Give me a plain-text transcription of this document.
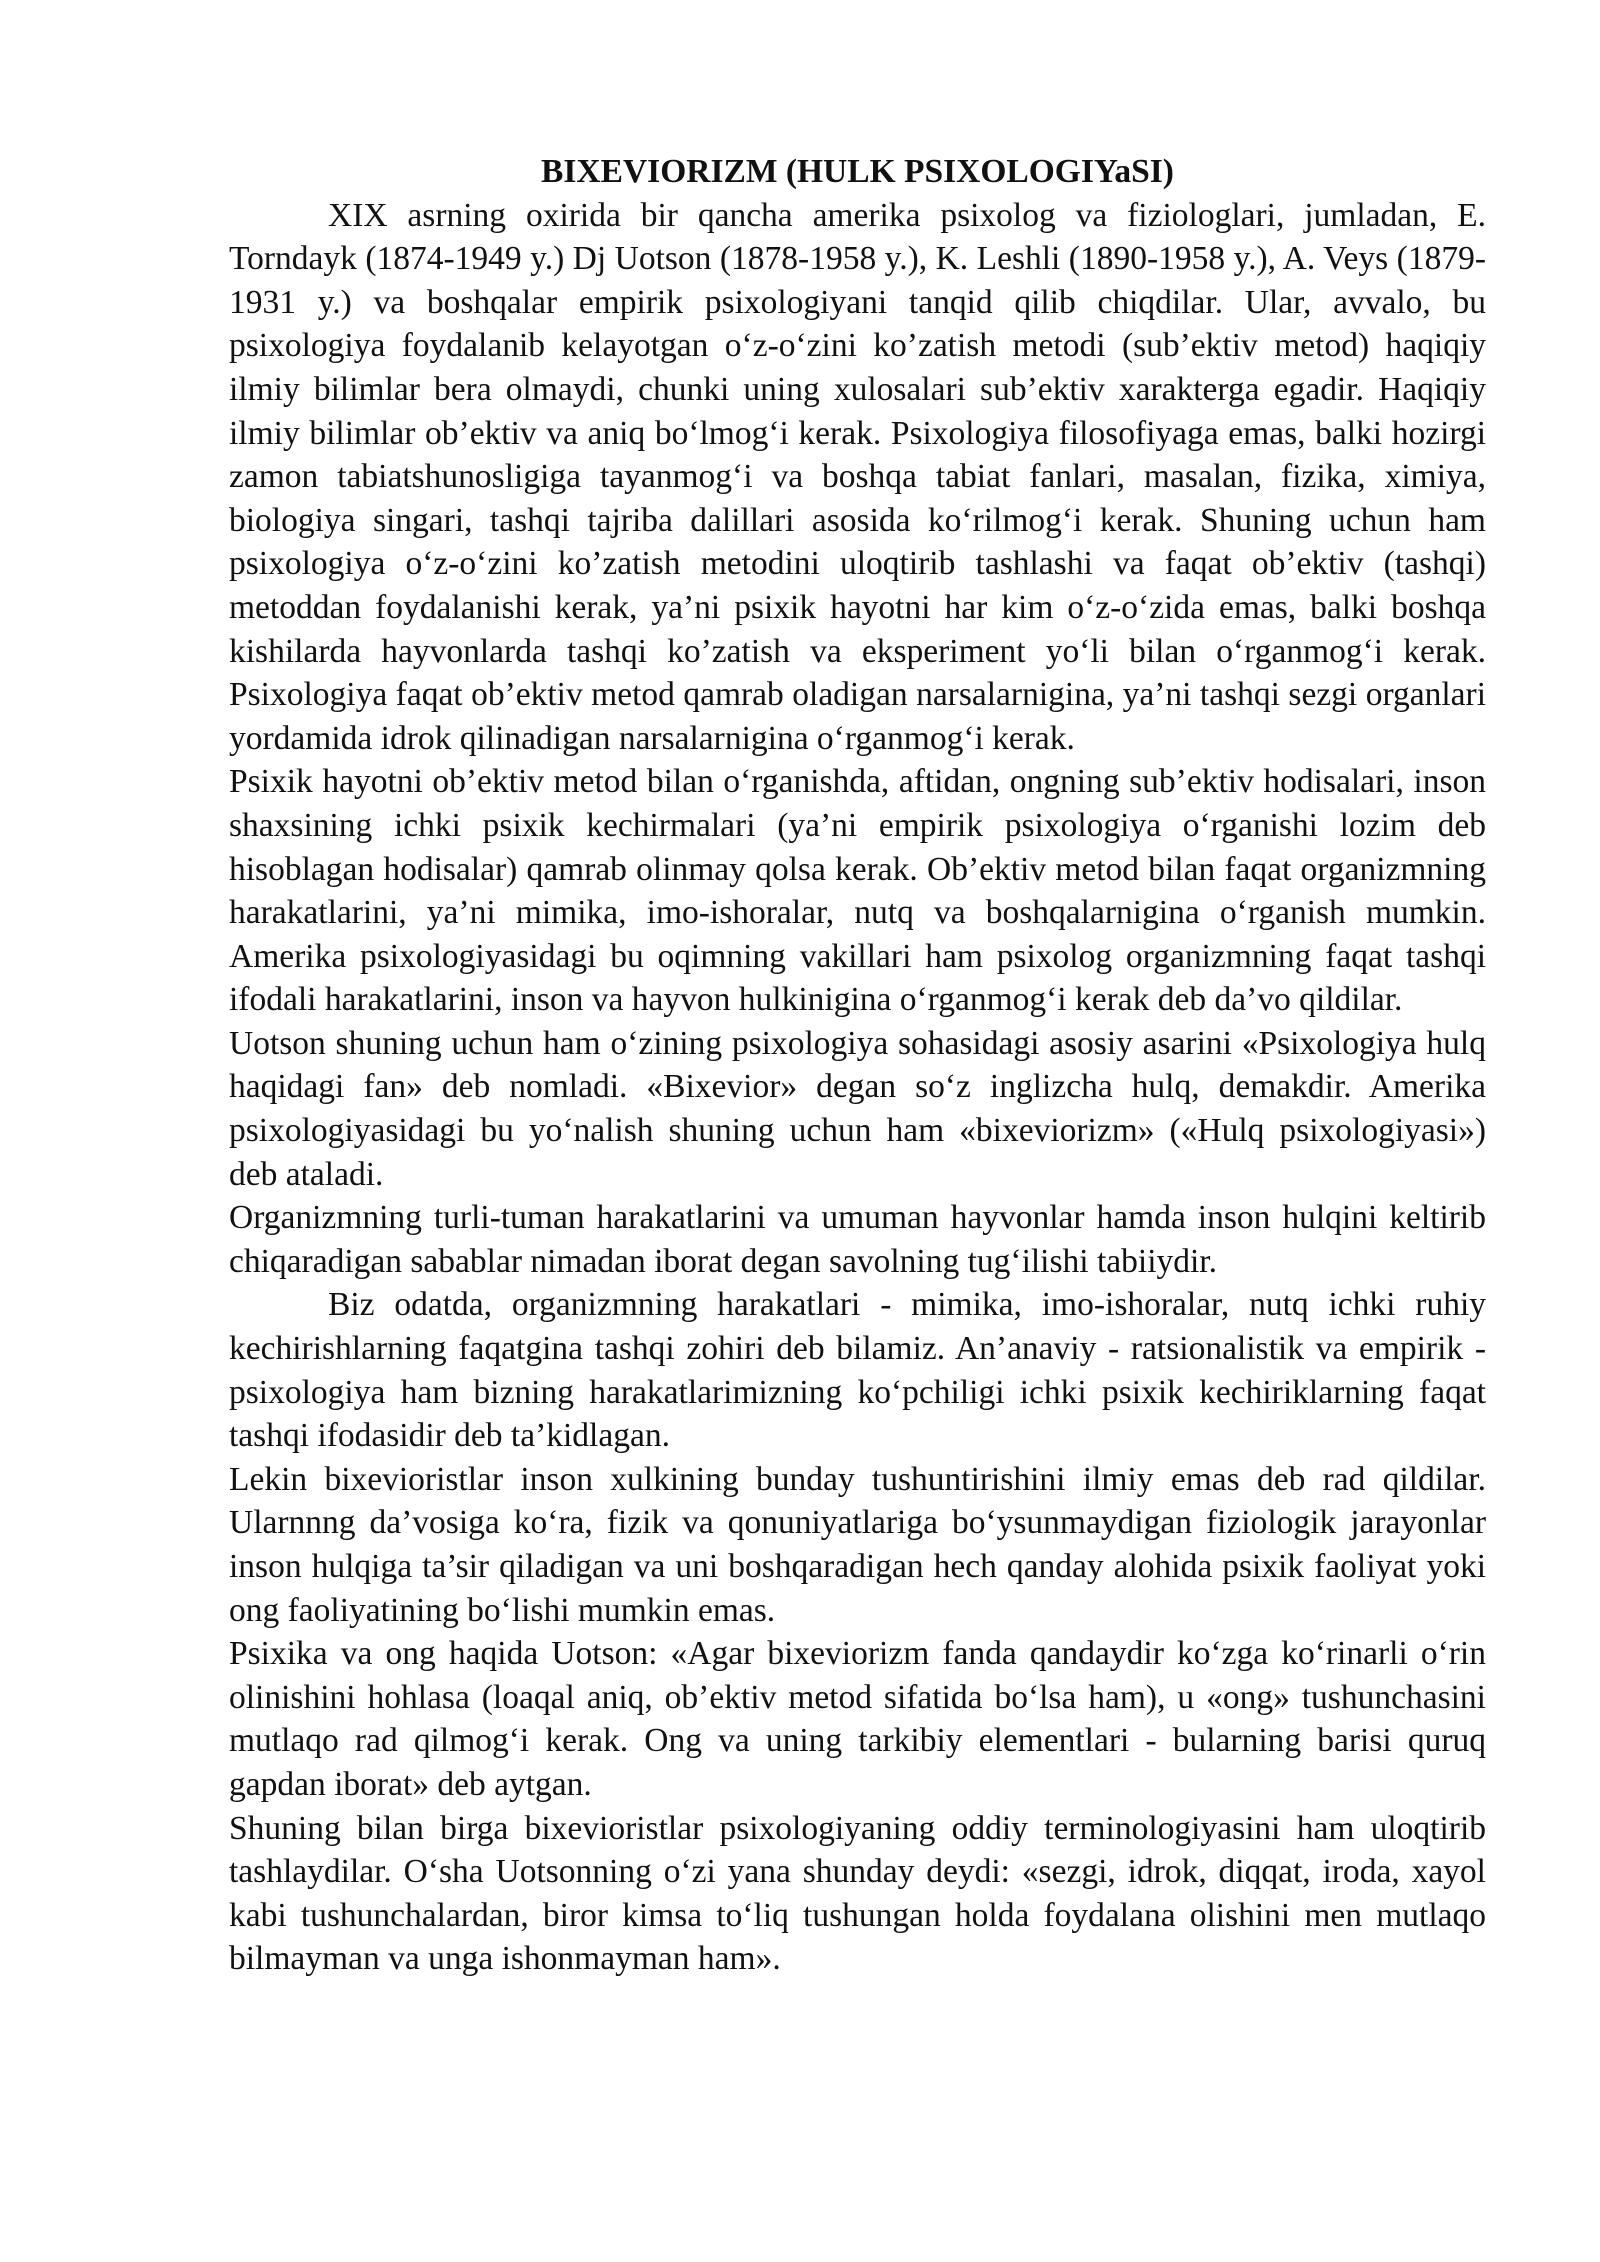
BIXEVIORIZM (HULK PSIXOLOGIYaSI)

XIX asrning oxirida bir qancha amerika psixolog va fiziologlari, jumladan, E. Torndayk (1874-1949 y.) Dj Uotson (1878-1958 y.), K. Leshli (1890-1958 y.), A. Veys (1879- 1931 y.) va boshqalar empirik psixologiyani tanqid qilib chiqdilar. Ular, avvalo, bu psixologiya foydalanib kelayotgan o‘z-o‘zini ko’zatish metodi (sub’ektiv metod) haqiqiy ilmiy bilimlar bera olmaydi, chunki uning xulosalari sub’ektiv xarakterga egadir. Haqiqiy ilmiy bilimlar ob’ektiv va aniq bo‘lmog‘i kerak. Psixologiya filosofiyaga emas, balki hozirgi zamon tabiatshunosligiga tayanmog‘i va boshqa tabiat fanlari, masalan, fizika, ximiya, biologiya singari, tashqi tajriba dalillari asosida ko‘rilmog‘i kerak. Shuning uchun ham psixologiya o‘z-o‘zini ko’zatish metodini uloqtirib tashlashi va faqat ob’ektiv (tashqi) metoddan foydalanishi kerak, ya’ni psixik hayotni har kim o‘z-o‘zida emas, balki boshqa kishilarda hayvonlarda tashqi ko’zatish va eksperiment yo‘li bilan o‘rganmog‘i kerak. Psixologiya faqat ob’ektiv metod qamrab oladigan narsalarnigina, ya’ni tashqi sezgi organlari yordamida idrok qilinadigan narsalarnigina o‘rganmog‘i kerak.

Psixik hayotni ob’ektiv metod bilan o‘rganishda, aftidan, ongning sub’ektiv hodisalari, inson shaxsining ichki psixik kechirmalari (ya’ni empirik psixologiya o‘rganishi lozim deb hisoblagan hodisalar) qamrab olinmay qolsa kerak. Ob’ektiv metod bilan faqat organizmning harakatlarini, ya’ni mimika, imo-ishoralar, nutq va boshqalarnigina o‘rganish mumkin. Amerika psixologiyasidagi bu oqimning vakillari ham psixolog organizmning faqat tashqi ifodali harakatlarini, inson va hayvon hulkinigina o‘rganmog‘i kerak deb da’vo qildilar.

Uotson shuning uchun ham o‘zining psixologiya sohasidagi asosiy asarini «Psixologiya hulq haqidagi fan» deb nomladi. «Bixevior» degan so‘z inglizcha hulq, demakdir. Amerika psixologiyasidagi bu yo‘nalish shuning uchun ham «bixeviorizm» («Hulq psixologiyasi») deb ataladi.

Organizmning turli-tuman harakatlarini va umuman hayvonlar hamda inson hulqini keltirib chiqaradigan sabablar nimadan iborat degan savolning tug‘ilishi tabiiydir.

Biz odatda, organizmning harakatlari - mimika, imo-ishoralar, nutq ichki ruhiy kechirishlarning faqatgina tashqi zohiri deb bilamiz. An’anaviy - ratsionalistik va empirik - psixologiya ham bizning harakatlarimizning ko‘pchiligi ichki psixik kechiriklarning faqat tashqi ifodasidir deb ta’kidlagan.

Lekin bixevioristlar inson xulkining bunday tushuntirishini ilmiy emas deb rad qildilar. Ularnnng da’vosiga ko‘ra, fizik va qonuniyatlariga bo‘ysunmaydigan fiziologik jarayonlar inson hulqiga ta’sir qiladigan va uni boshqaradigan hech qanday alohida psixik faoliyat yoki ong faoliyatining bo‘lishi mumkin emas.

Psixika va ong haqida Uotson: «Agar bixeviorizm fanda qandaydir ko‘zga ko‘rinarli o‘rin olinishini hohlasa (loaqal aniq, ob’ektiv metod sifatida bo‘lsa ham), u «ong» tushunchasini mutlaqo rad qilmog‘i kerak. Ong va uning tarkibiy elementlari - bularning barisi quruq gapdan iborat» deb aytgan.

Shuning bilan birga bixevioristlar psixologiyaning oddiy terminologiyasini ham uloqtirib tashlaydilar. O‘sha Uotsonning o‘zi yana shunday deydi: «sezgi, idrok, diqqat, iroda, xayol kabi tushunchalardan, biror kimsa to‘liq tushungan holda foydalana olishini men mutlaqo bilmayman va unga ishonmayman ham».
